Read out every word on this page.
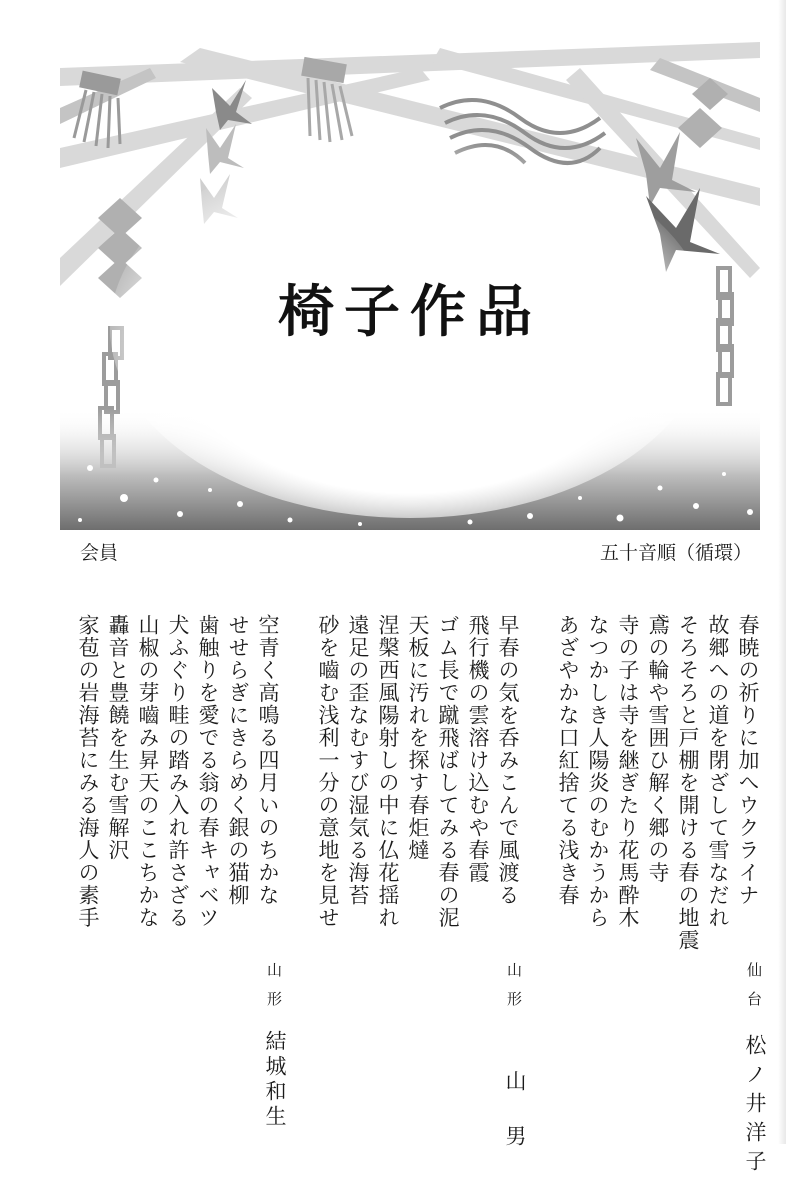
椅子作品
会員	五十音順（循環）
春暁の祈りに加へウクライナ
故郷への道を閉ざして雪なだれ
そろそろと戸棚を開ける春の地震
鳶の輪や雪囲ひ解く郷の寺
寺の子は寺を継ぎたり花馬酔木
なつかしき人陽炎のむかうから
あざやかな口紅捨てる浅き春
仙台
松ノ井洋子
早春の気を呑みこんで風渡る
飛行機の雲溶け込むや春霞
ゴム長で蹴飛ばしてみる春の泥
天板に汚れを探す春炬燵
涅槃西風陽射しの中に仏花揺れ
遠足の歪なむすび湿気る海苔
砂を嚙む浅利一分の意地を見せ
山形
山男
空青く高鳴る四月いのちかな
せせらぎにきらめく銀の猫柳
歯触りを愛でる翁の春キャベツ
犬ふぐり畦の踏み入れ許さざる
山椒の芽嚙み昇天のここちかな
轟音と豊饒を生む雪解沢
家苞の岩海苔にみる海人の素手
山形
結城和生
